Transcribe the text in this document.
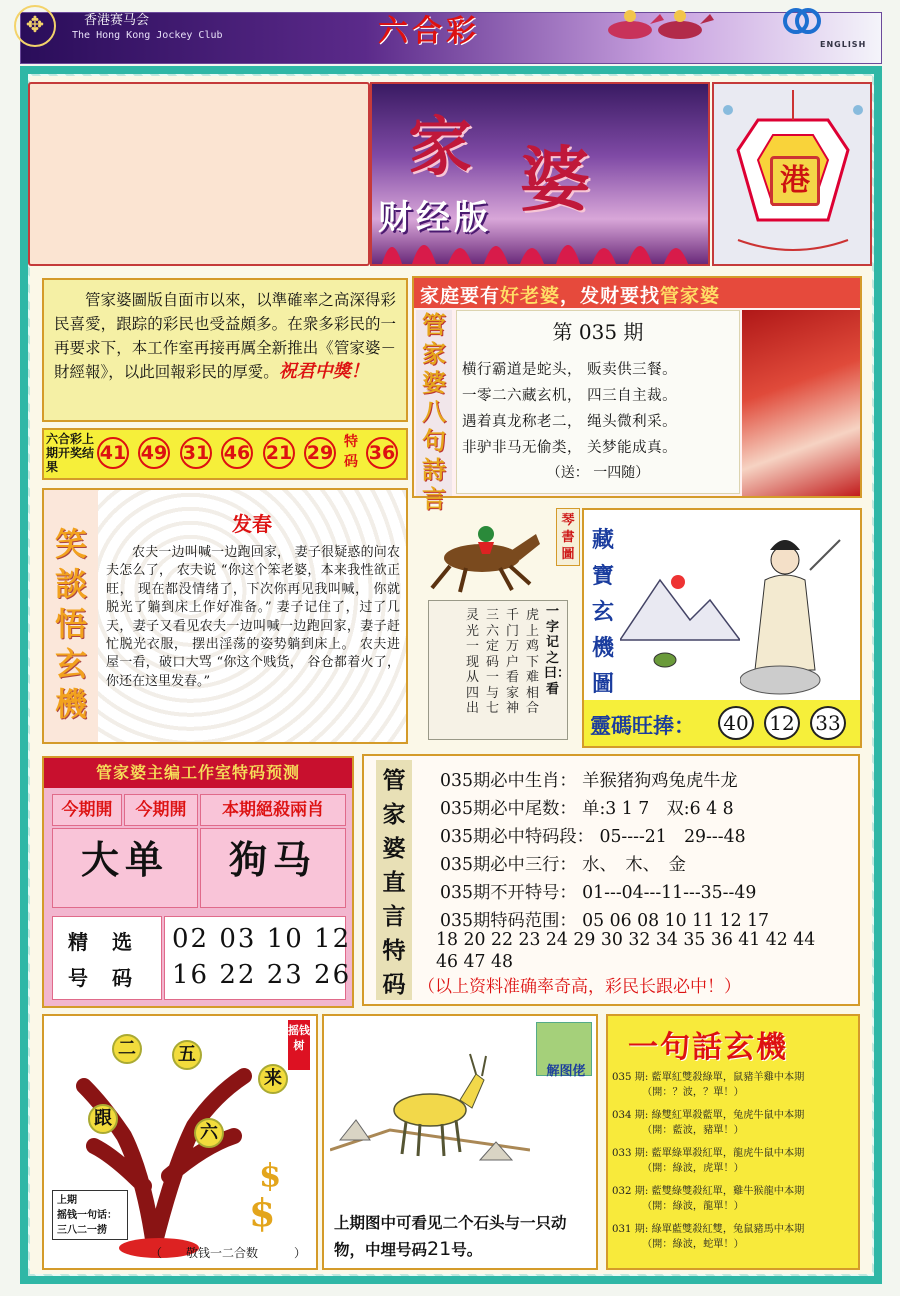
✥	香港赛马会
The Hong Kong Jockey Club	六合彩	ENGLISH
家 婆
财经版
港
管家婆圖版自面市以來，以準確率之高深得彩民喜愛，跟踪的彩民也受益頗多。在衆多彩民的一再要求下，本工作室再接再厲全新推出《管家婆－財經報》，以此回報彩民的厚愛。祝君中獎！
六合彩上期开奖结果
41 49 31 46 21 29 特码 36
家庭要有好老婆，发财要找管家婆
管家婆八句詩言
第 035 期
横行霸道是蛇头， 贩卖供三餐。
一零二六藏玄机， 四三自主裁。
遇着真龙称老二， 绳头微利采。
非驴非马无偷类， 关梦能成真。
（送： 一四随）
笑談悟玄機
发春
农夫一边叫喊一边跑回家， 妻子很疑惑的问农夫怎么了， 农夫说 “你这个笨老婆，本来我性欲正旺， 现在都没情绪了，下次你再见我叫喊， 你就脱光了躺到床上作好准备。” 妻子记住了，过了几天，妻子又看见农夫一边叫喊一边跑回家，妻子赶忙脱光衣服， 摆出淫荡的姿势躺到床上。 农夫进屋一看，破口大骂 “你这个贱货， 谷仓都着火了， 你还在这里发春。”
一字记之曰：看
虎上鸡下难相合
千门万户看家神
三六定码一与七
灵光一现从四出
琴書圖
藏寶玄機圖
靈碼旺捧： 40 12 33
管家婆主编工作室特码预测
今期開	今期開	本期絕殺兩肖
大单	狗马
精选
号码
02 03 10 12
16 22 23 26
管家婆直言特码
035期必中生肖： 羊猴猪狗鸡兔虎牛龙
035期必中尾数： 单:3 1 7　双:6 4 8
035期必中特码段： 05----21　29---48
035期必中三行： 水、　木、　金
035期不开特号： 01---04---11---35--49
035期特码范围： 05 06 08 10 11 12 17
18 20 22 23 24 29 30 32 34 35 36 41 42 44
46 47 48
（以上资料准确率奇高，彩民长跟必中！）
$
$
二	五
来
跟
六
摇钱树
上期
摇钱一句话：
三八二一捞
（　　敬钱一二合数　　　）
解图佬
上期图中可看见二个石头与一只动物，中埋号码21号。
一句話玄機
035 期: 藍單紅雙殺綠單，鼠豬羊雞中本期
（開：？波，？單！）
034 期: 綠雙紅單殺藍單，兔虎牛鼠中本期
（開：藍波，豬單！）
033 期: 藍單綠單殺紅單，龍虎牛鼠中本期
（開：綠波，虎單！）
032 期: 藍雙綠雙殺紅單，雞牛猴龍中本期
（開：綠波，龍單！）
031 期: 綠單藍雙殺紅雙，兔鼠豬馬中本期
（開：綠波，蛇單！）
